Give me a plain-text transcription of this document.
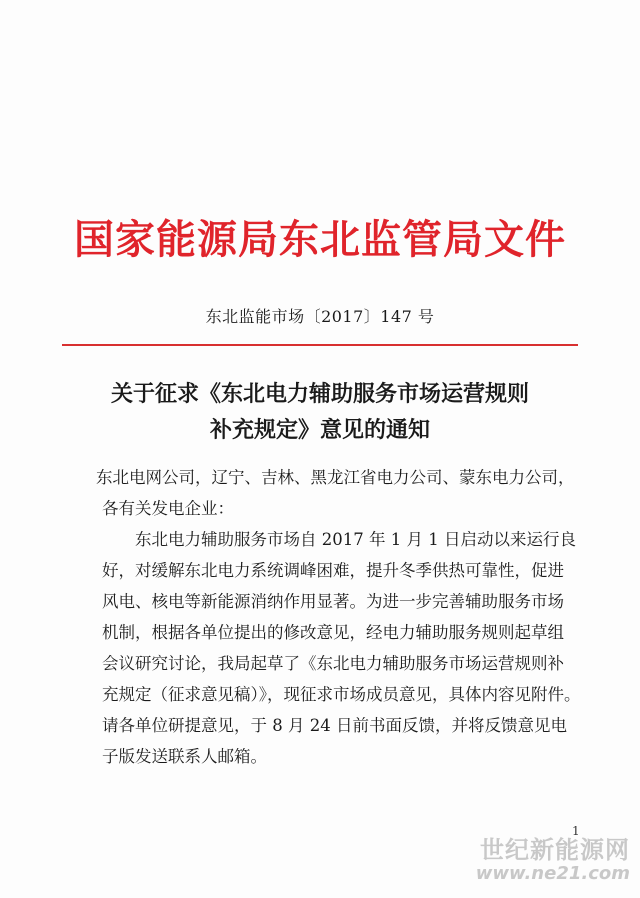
国家能源局东北监管局文件
东北监能市场〔2017〕147 号
关于征求《东北电力辅助服务市场运营规则
补充规定》意见的通知
东北电网公司，辽宁、吉林、黑龙江省电力公司、蒙东电力公司，
各有关发电企业：
东北电力辅助服务市场自 2017 年 1 月 1 日启动以来运行良
好，对缓解东北电力系统调峰困难，提升冬季供热可靠性，促进
风电、核电等新能源消纳作用显著。为进一步完善辅助服务市场
机制，根据各单位提出的修改意见，经电力辅助服务规则起草组
会议研究讨论，我局起草了《东北电力辅助服务市场运营规则补
充规定（征求意见稿）》，现征求市场成员意见，具体内容见附件。
请各单位研提意见，于 8 月 24 日前书面反馈，并将反馈意见电
子版发送联系人邮箱。
1
世纪新能源网
www.ne21.com
